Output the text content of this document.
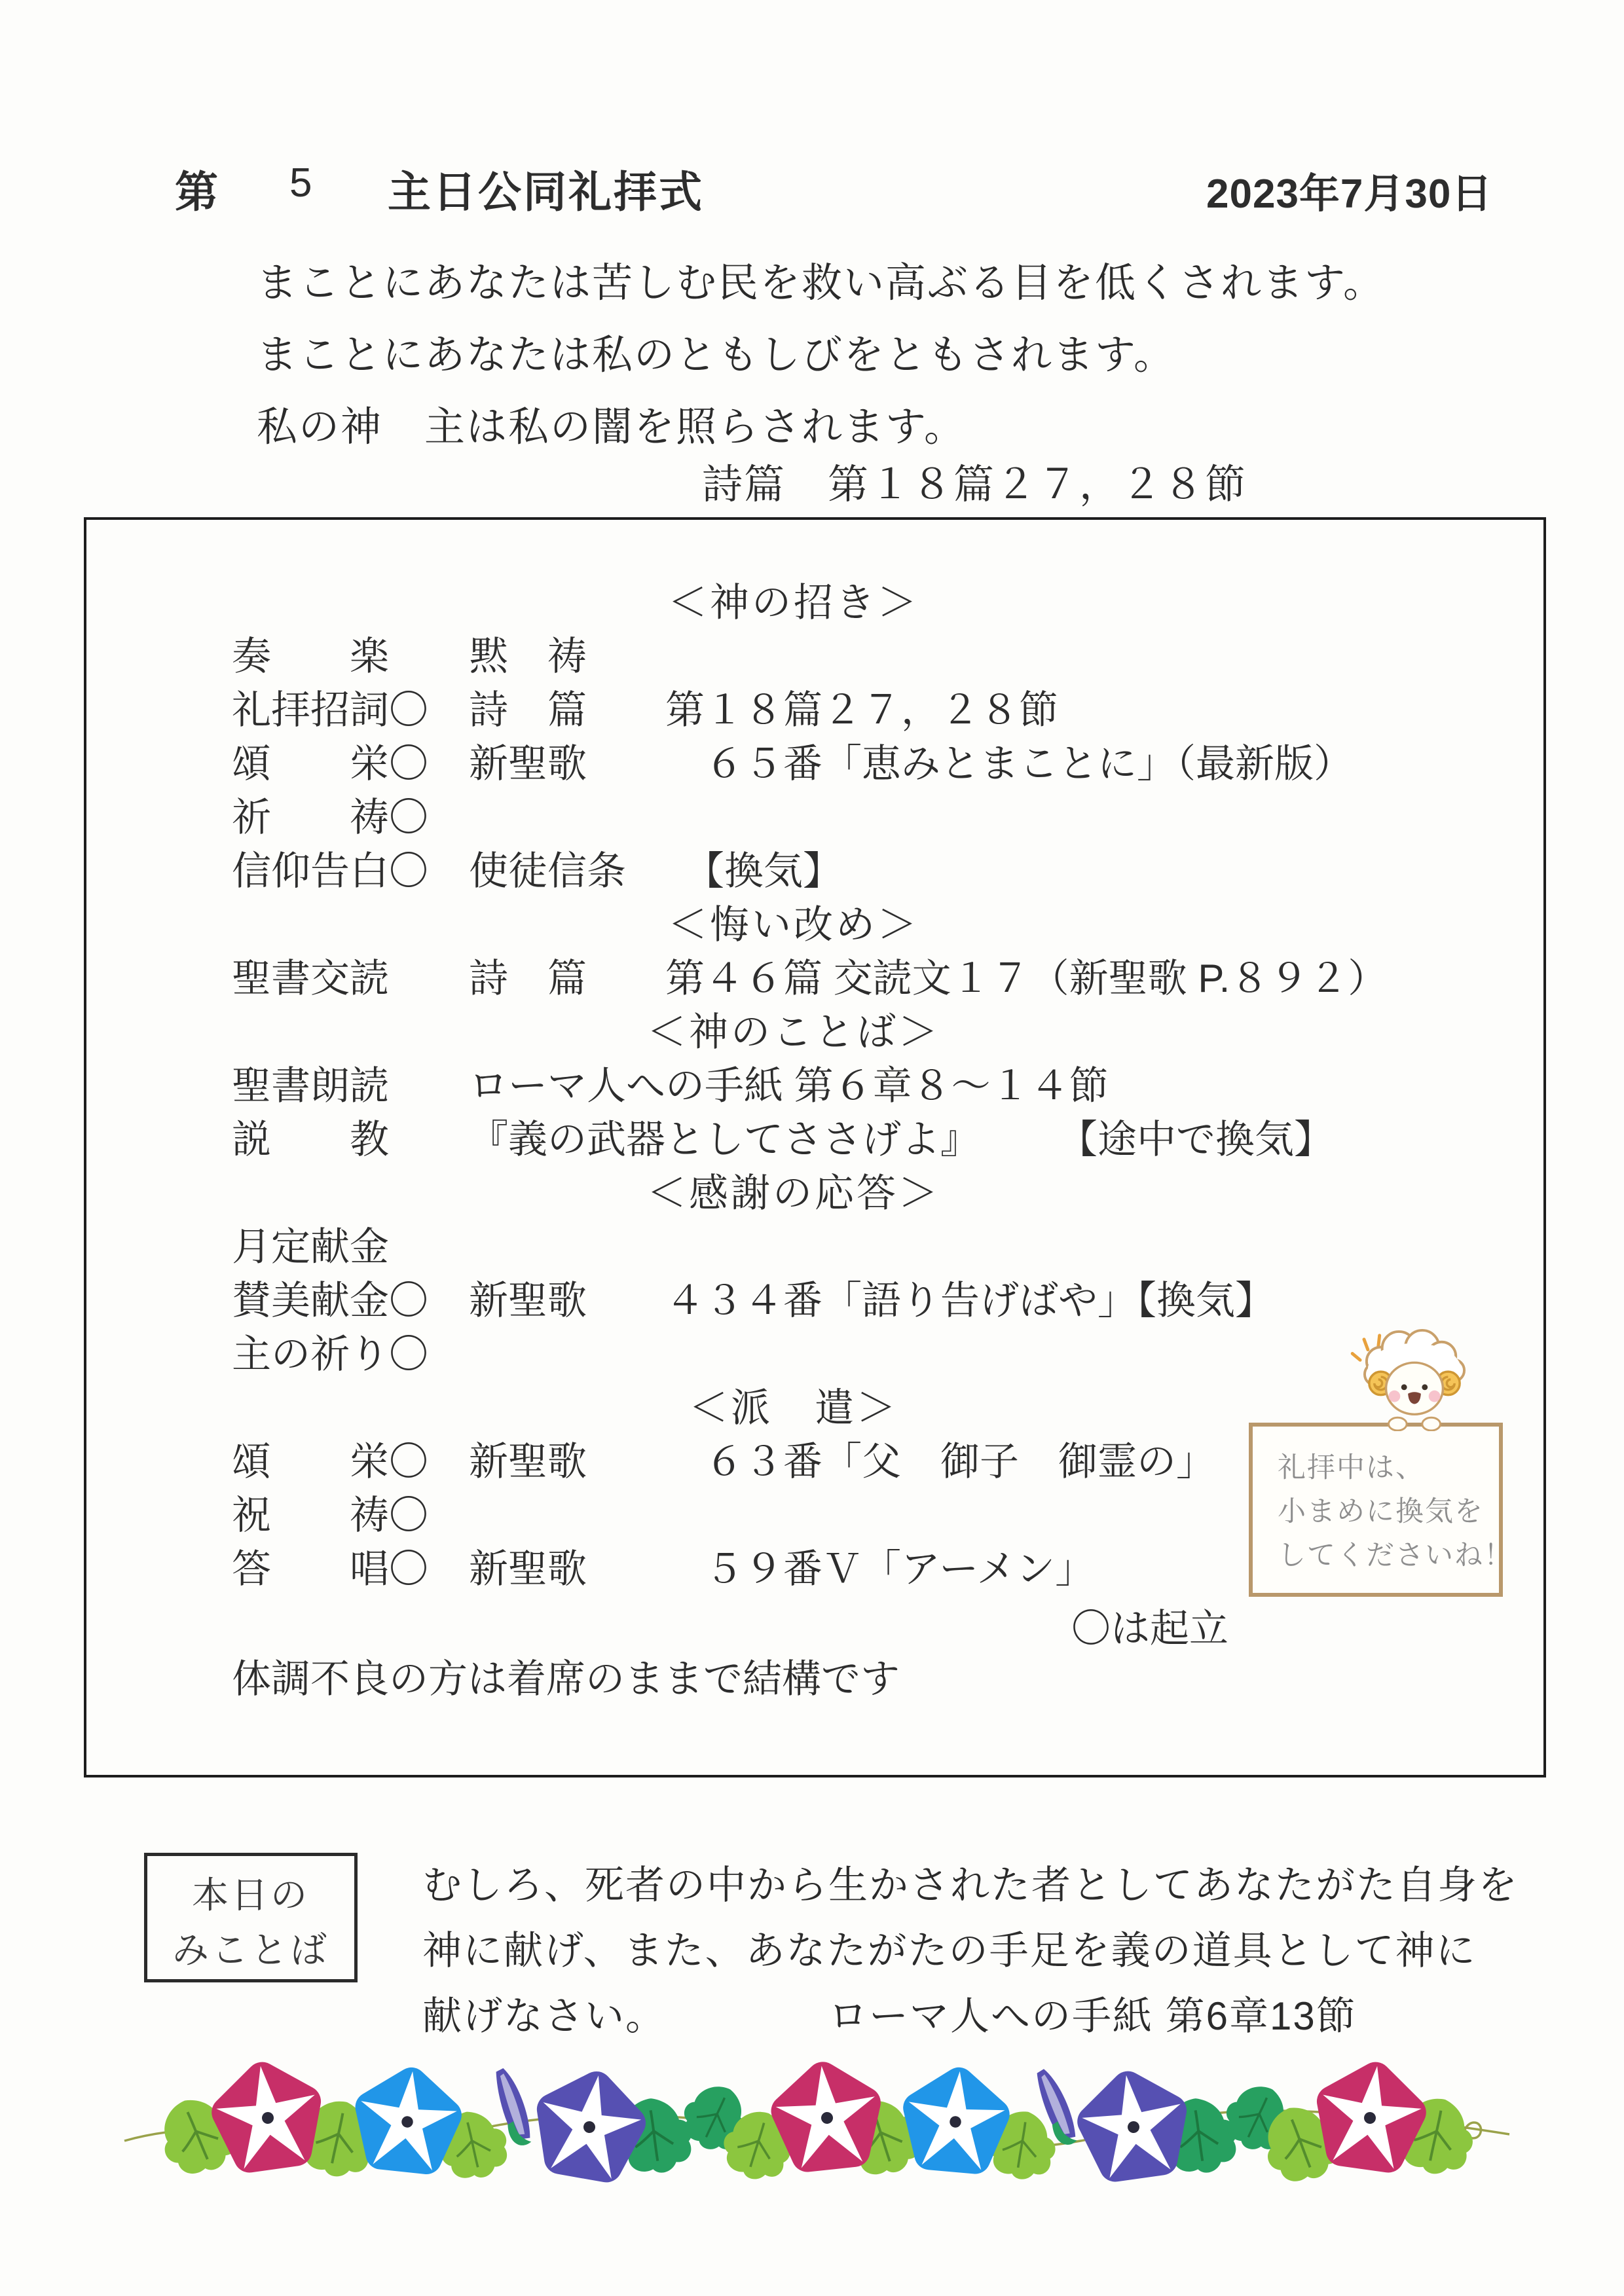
第 5 主日公同礼拝式	2023年7月30日
まことにあなたは苦しむ民を救い高ぶる目を低くされます。
まことにあなたは私のともしびをともされます。
私の神　主は私の闇を照らされます。
詩篇　第１８篇２７，２８節
＜神の招き＞
奏　　楽	黙　祷
礼拝招詞〇	詩　篇　　第１８篇２７，２８節
頌　　栄〇	新聖歌　　　６５番「恵みとまことに」（最新版）
祈　　祷〇
信仰告白〇	使徒信条　　【換気】
＜悔い改め＞
聖書交読	詩　篇　　第４６篇 交読文１７（新聖歌 P.８９２）
＜神のことば＞
聖書朗読	ローマ人への手紙 第６章８～１４節
説　　教	『義の武器としてささげよ』　　　【途中で換気】
＜感謝の応答＞
月定献金
賛美献金〇	新聖歌　　４３４番「語り告げばや」【換気】
主の祈り〇
＜派　遣＞
頌　　栄〇	新聖歌　　　６３番「父　御子　御霊の」
祝　　祷〇
答　　唱〇	新聖歌　　　５９番Ｖ「アーメン」
〇は起立
体調不良の方は着席のままで結構です
礼拝中は、
小まめに換気を
してくださいね！
本日の
みことば
むしろ、死者の中から生かされた者としてあなたがた自身を
神に献げ、また、あなたがたの手足を義の道具として神に
献げなさい。	ローマ人への手紙 第6章13節
